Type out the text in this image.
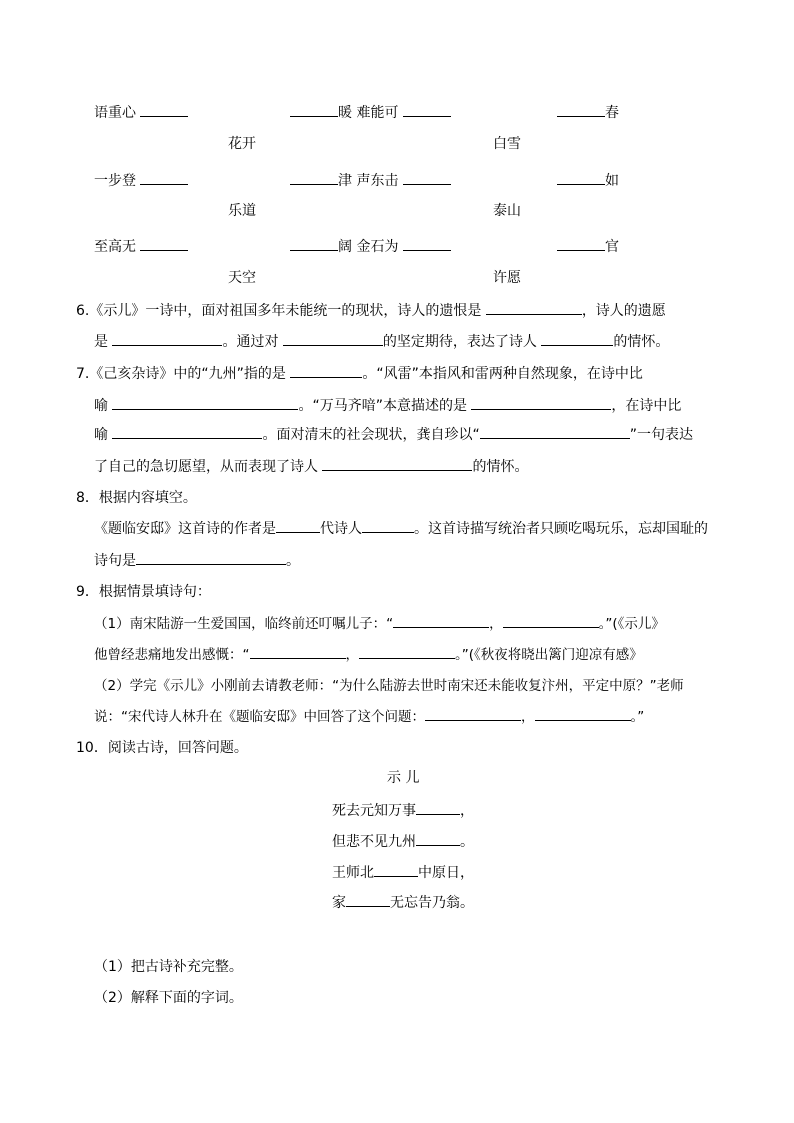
语重心	暖 难能可	春
花开	白雪
一步登	津 声东击	如
乐道	泰山
至高无	阔 金石为	官
天空	许愿
6.《示儿》一诗中，面对祖国多年未能统一的现状，诗人的遗恨是	，诗人的遗愿
是	。通过对	的坚定期待，表达了诗人	的情怀。
7.《己亥杂诗》中的“九州”指的是	。“风雷”本指风和雷两种自然现象，在诗中比
喻	。“万马齐喑”本意描述的是	，在诗中比
喻	。面对清末的社会现状，龚自珍以“	”一句表达
了自己的急切愿望，从而表现了诗人	的情怀。
8．根据内容填空。
《题临安邸》这首诗的作者是	代诗人	。这首诗描写统治者只顾吃喝玩乐，忘却国耻的
诗句是	。
9．根据情景填诗句：
（1）南宋陆游一生爱国国，临终前还叮嘱儿子：“	，	。”(《示儿》
他曾经悲痛地发出感慨：“	，	。”(《秋夜将晓出篱门迎凉有感》
（2）学完《示儿》小刚前去请教老师：“为什么陆游去世时南宋还未能收复汴州，平定中原？”老师
说：“宋代诗人林升在《题临安邸》中回答了这个问题：	，	。”
10．阅读古诗，回答问题。
示 儿
死去元知万事	，
但悲不见九州	。
王师北	中原日，
家	无忘告乃翁。
（1）把古诗补充完整。
（2）解释下面的字词。
